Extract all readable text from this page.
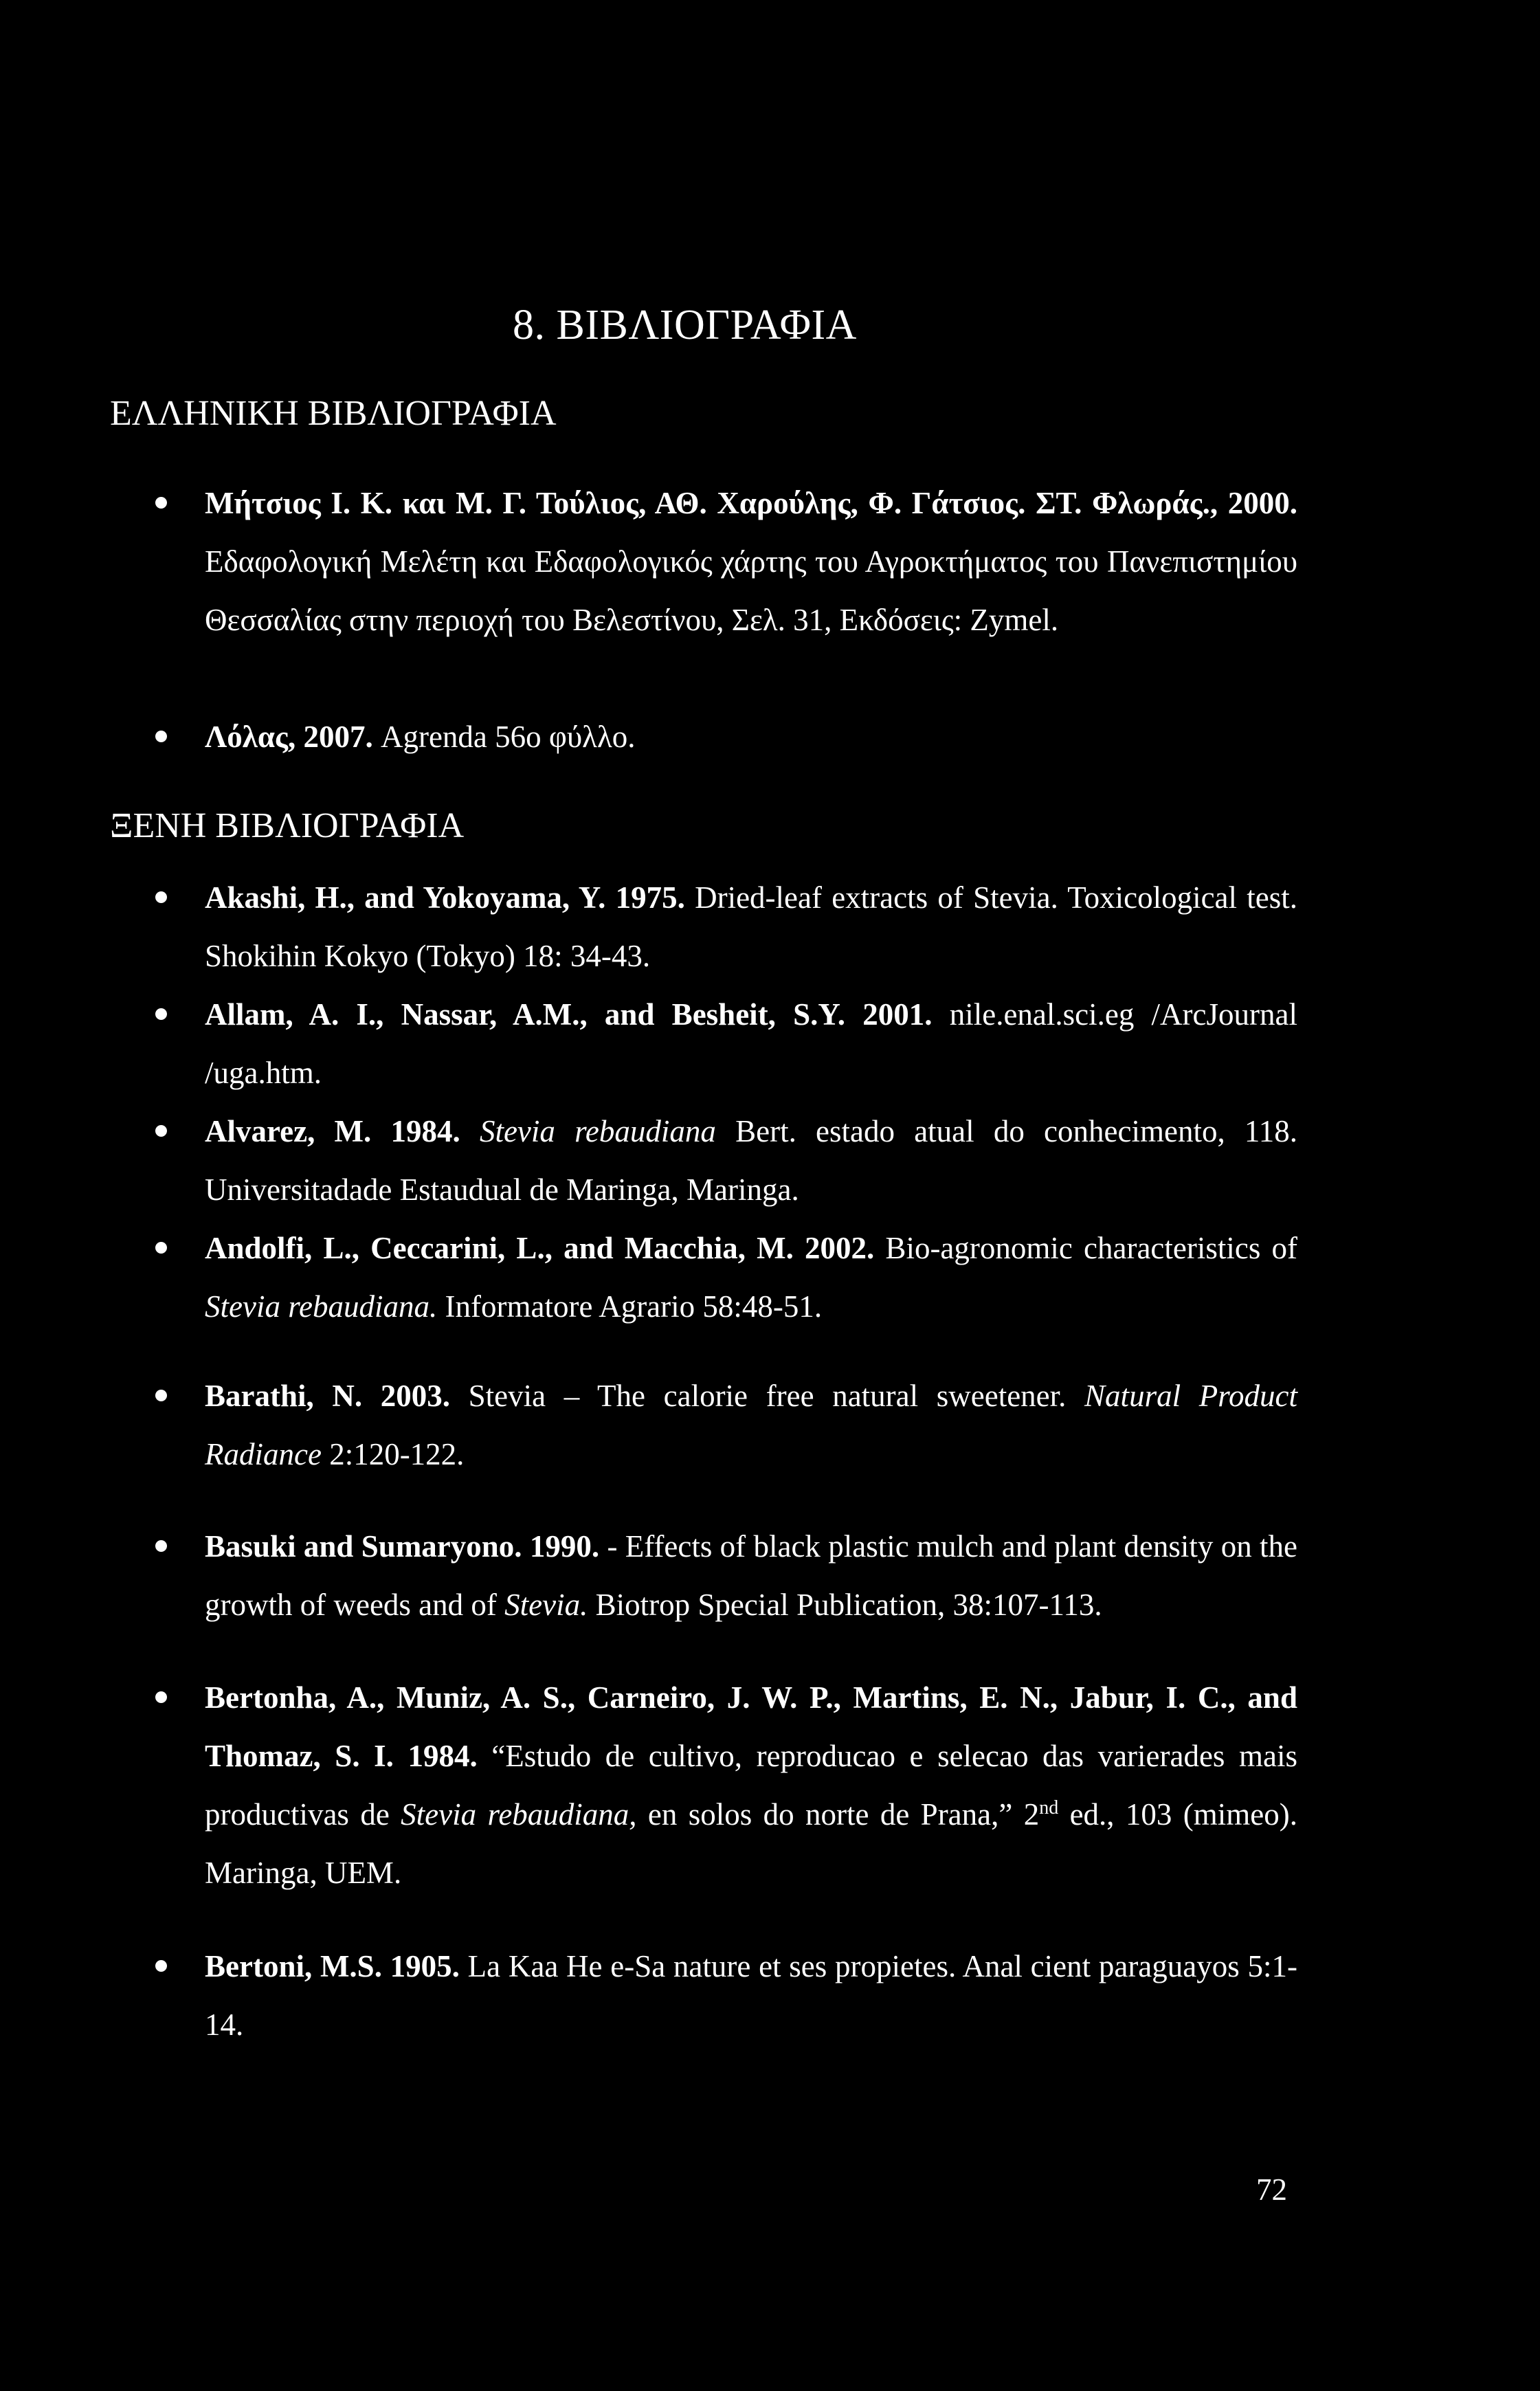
8. ΒΙΒΛΙΟΓΡΑΦΙΑ
ΕΛΛΗΝΙΚΗ ΒΙΒΛΙΟΓΡΑΦΙΑ
Μήτσιος Ι. Κ. και Μ. Γ. Τούλιος, ΑΘ. Χαρούλης, Φ. Γάτσιος. ΣΤ. Φλωράς., 2000. Εδαφολογική Μελέτη και Εδαφολογικός χάρτης του Αγροκτήματος του Πανεπιστημίου Θεσσαλίας στην περιοχή του Βελεστίνου, Σελ. 31, Εκδόσεις: Zymel.
Λόλας, 2007. Agrenda 56ο φύλλο.
ΞΕΝΗ ΒΙΒΛΙΟΓΡΑΦΙΑ
Akashi, H., and Yokoyama, Y. 1975. Dried-leaf extracts of Stevia. Toxicological test. Shokihin Kokyo (Tokyo) 18: 34-43.
Allam, A. I., Nassar, A.M., and Besheit, S.Y. 2001. nile.enal.sci.eg /ArcJournal /uga.htm.
Alvarez, M. 1984. Stevia rebaudiana Bert. estado atual do conhecimento, 118. Universitadade Estaudual de Maringa, Maringa.
Andolfi, L., Ceccarini, L., and Macchia, M. 2002. Bio-agronomic characteristics of Stevia rebaudiana. Informatore Agrario 58:48-51.
Barathi, N. 2003. Stevia – The calorie free natural sweetener. Natural Product Radiance 2:120-122.
Basuki and Sumaryono. 1990. - Effects of black plastic mulch and plant density on the growth of weeds and of Stevia. Biotrop Special Publication, 38:107-113.
Bertonha, A., Muniz, A. S., Carneiro, J. W. P., Martins, E. N., Jabur, I. C., and Thomaz, S. I. 1984. “Estudo de cultivo, reproducao e selecao das varierades mais productivas de Stevia rebaudiana, en solos do norte de Prana,” 2nd ed., 103 (mimeo). Maringa, UEM.
Bertoni, M.S. 1905. La Kaa He e-Sa nature et ses propietes. Anal cient paraguayos 5:1-14.
72
